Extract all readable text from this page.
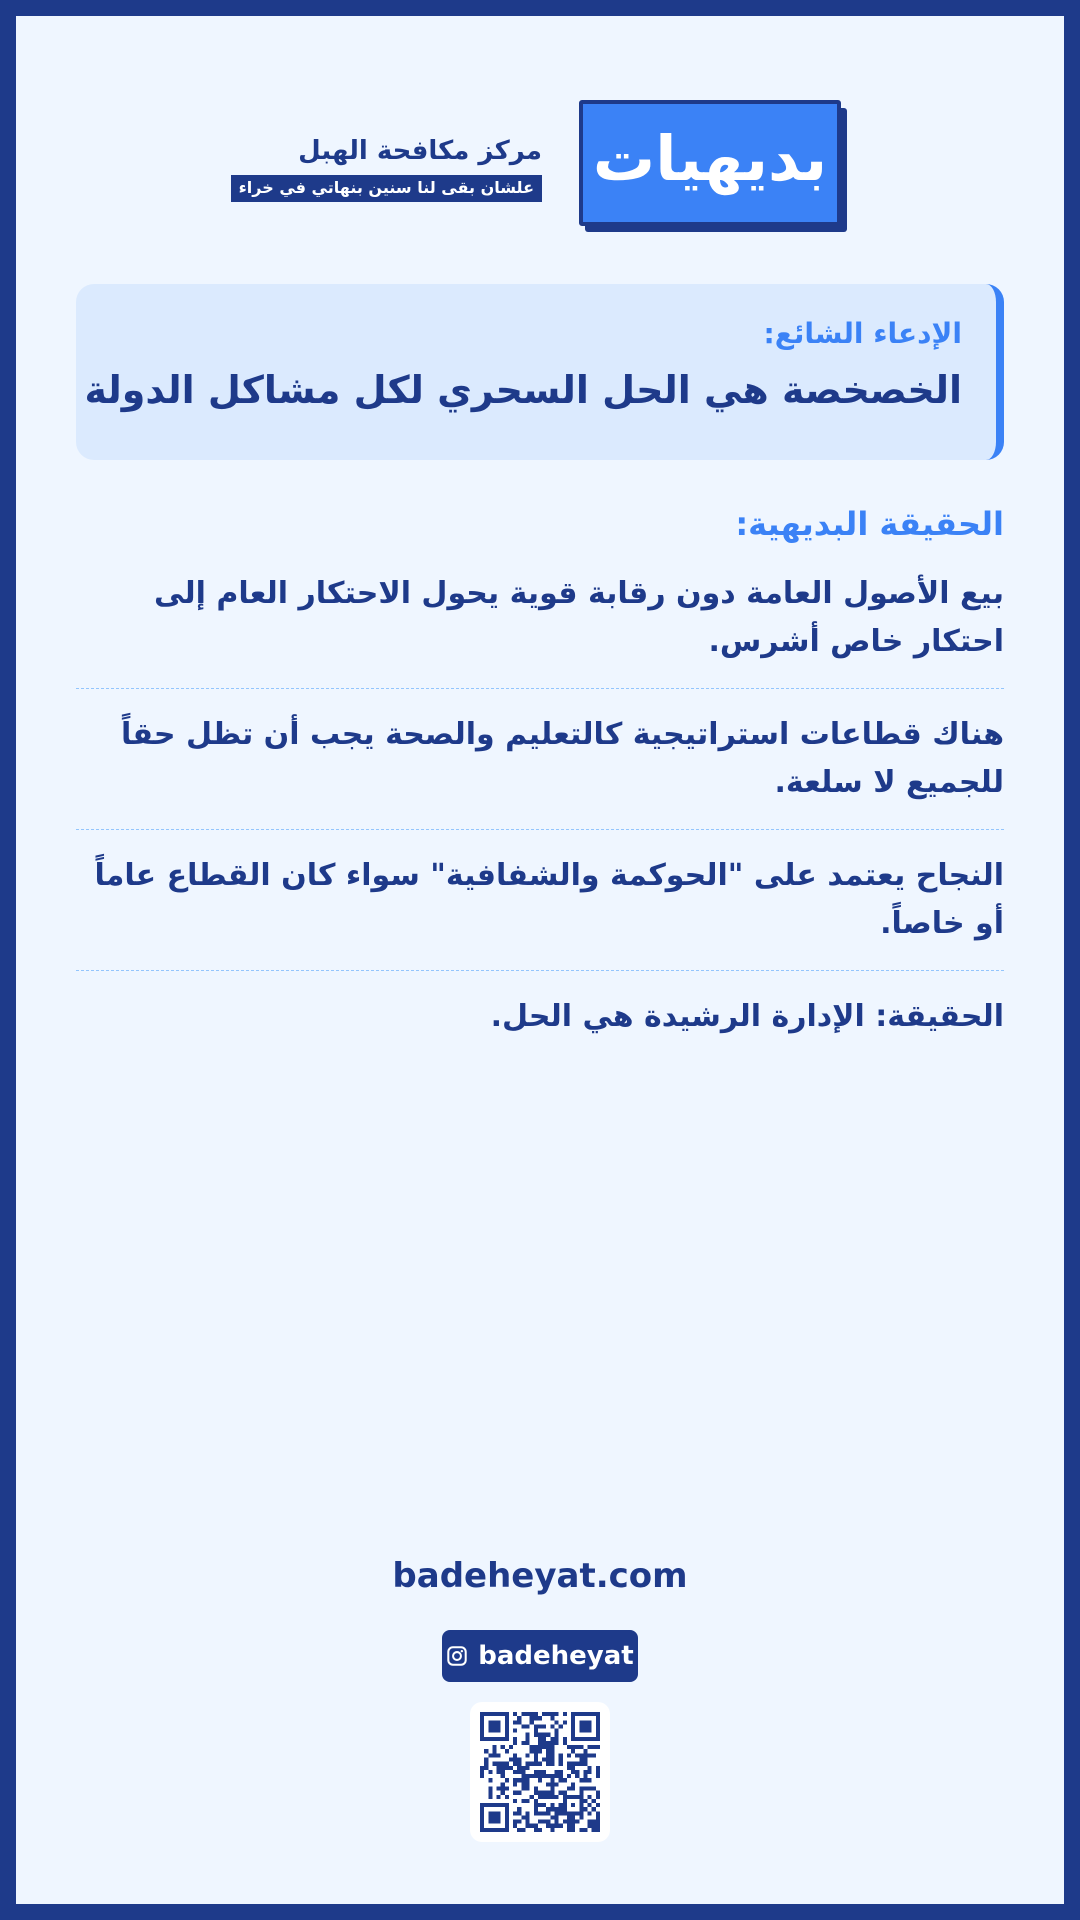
بديهيات
مركز مكافحة الهبل
علشان بقى لنا سنين بنهاتي في خراء
الإدعاء الشائع:
الخصخصة هي الحل السحري لكل مشاكل الدولة
الحقيقة البديهية:
بيع الأصول العامة دون رقابة قوية يحول الاحتكار العام إلى احتكار خاص أشرس.
هناك قطاعات استراتيجية كالتعليم والصحة يجب أن تظل حقاً للجميع لا سلعة.
النجاح يعتمد على "الحوكمة والشفافية" سواء كان القطاع عاماً أو خاصاً.
الحقيقة: الإدارة الرشيدة هي الحل.
badeheyat.com
badeheyat
